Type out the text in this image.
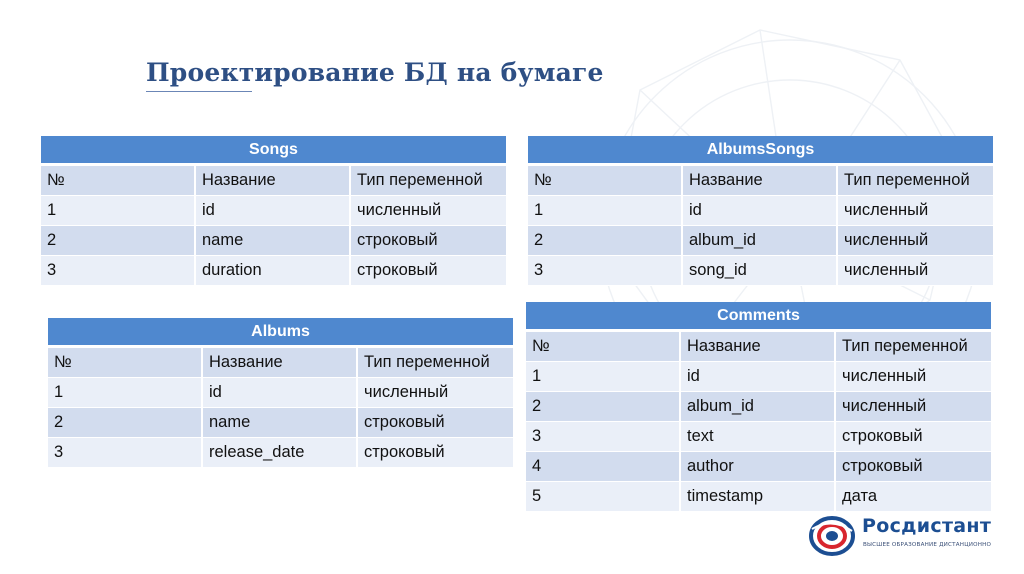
Проектирование БД на бумаге
Songs		
№	Название	Тип переменной
1	id	численный
2	name	строковый
3	duration	строковый
AlbumsSongs		
№	Название	Тип переменной
1	id	численный
2	album_id	численный
3	song_id	численный
Albums		
№	Название	Тип переменной
1	id	численный
2	name	строковый
3	release_date	строковый
Comments		
№	Название	Тип переменной
1	id	численный
2	album_id	численный
3	text	строковый
4	author	строковый
5	timestamp	дата
Росдистант
ВЫСШЕЕ ОБРАЗОВАНИЕ ДИСТАНЦИОННО
